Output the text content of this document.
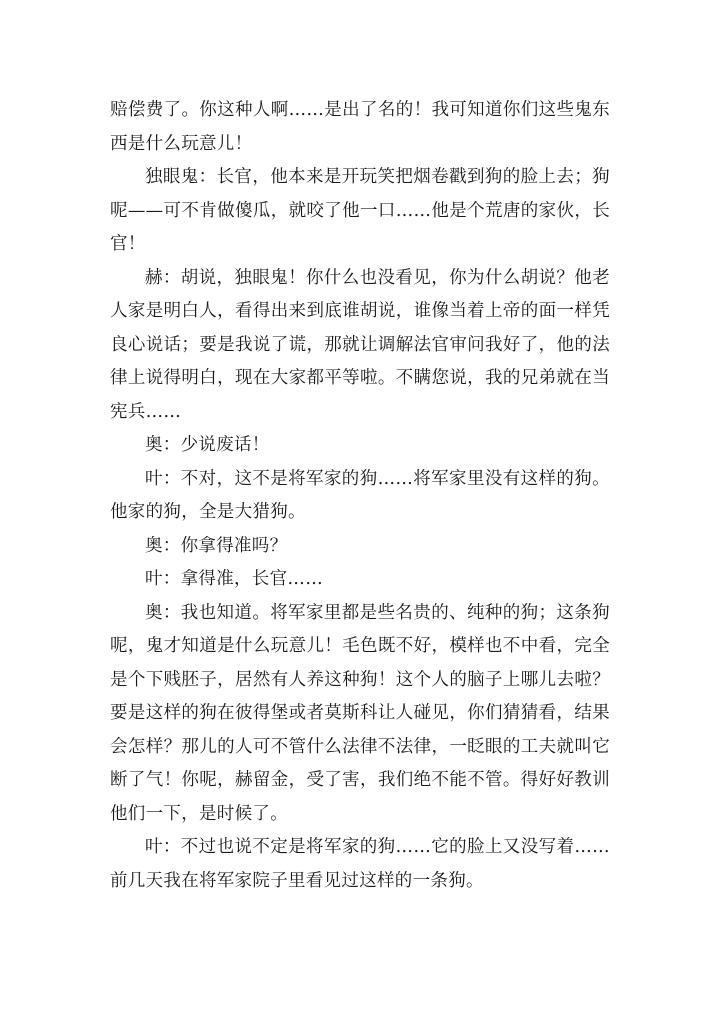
赔偿费了。你这种人啊……是出了名的！我可知道你们这些鬼东西是什么玩意儿！

独眼鬼：长官，他本来是开玩笑把烟卷戳到狗的脸上去；狗呢——可不肯做傻瓜，就咬了他一口……他是个荒唐的家伙，长官！

赫：胡说，独眼鬼！你什么也没看见，你为什么胡说？他老人家是明白人，看得出来到底谁胡说，谁像当着上帝的面一样凭良心说话；要是我说了谎，那就让调解法官审问我好了，他的法律上说得明白，现在大家都平等啦。不瞒您说，我的兄弟就在当宪兵……

奥：少说废话！

叶：不对，这不是将军家的狗……将军家里没有这样的狗。他家的狗，全是大猎狗。

奥：你拿得准吗？

叶：拿得准，长官……

奥：我也知道。将军家里都是些名贵的、纯种的狗；这条狗呢，鬼才知道是什么玩意儿！毛色既不好，模样也不中看，完全是个下贱胚子，居然有人养这种狗！这个人的脑子上哪儿去啦？要是这样的狗在彼得堡或者莫斯科让人碰见，你们猜猜看，结果会怎样？那儿的人可不管什么法律不法律，一眨眼的工夫就叫它断了气！你呢，赫留金，受了害，我们绝不能不管。得好好教训他们一下，是时候了。

叶：不过也说不定是将军家的狗……它的脸上又没写着……前几天我在将军家院子里看见过这样的一条狗。
